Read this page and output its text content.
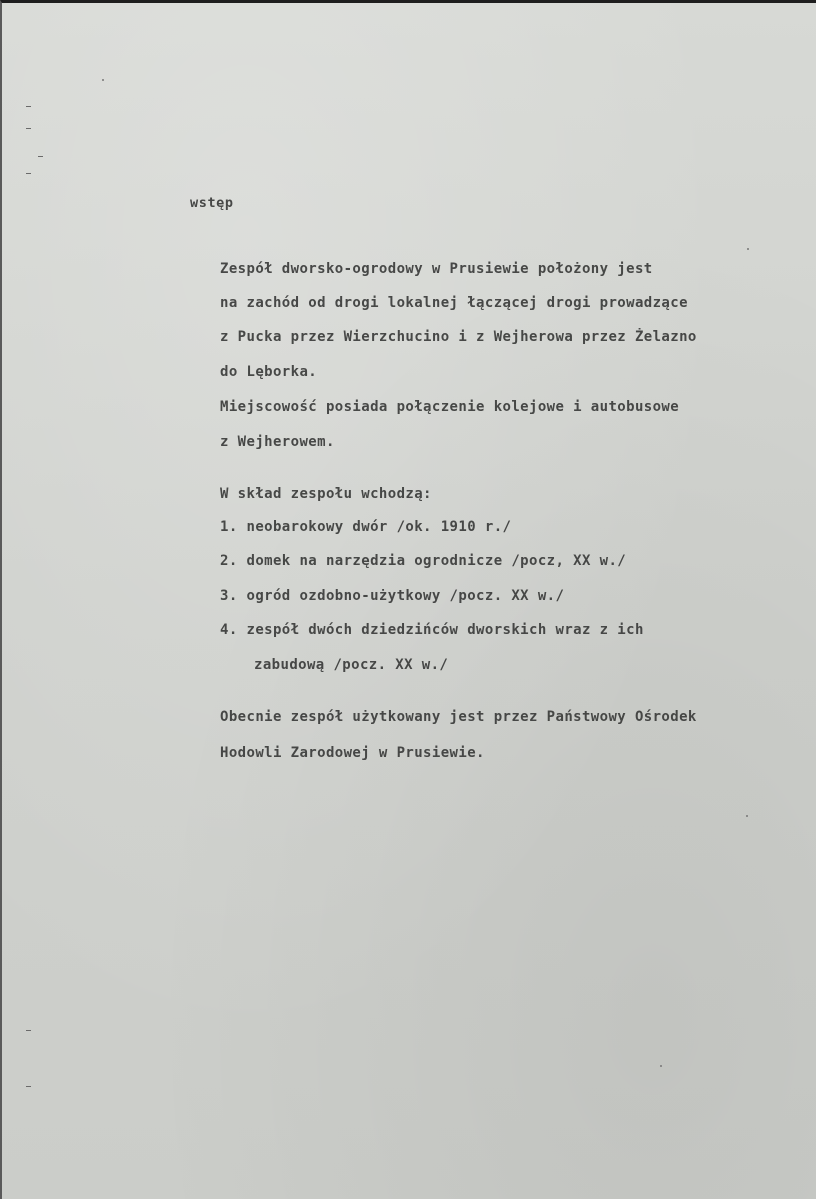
wstęp
Zespół dworsko-ogrodowy w Prusiewie położony jest
na zachód od drogi lokalnej łączącej drogi prowadzące
z Pucka przez Wierzchucino i z Wejherowa przez Żelazno
do Lęborka.
Miejscowość posiada połączenie kolejowe i autobusowe
z Wejherowem.
W skład zespołu wchodzą:
1. neobarokowy dwór /ok. 1910 r./
2. domek na narzędzia ogrodnicze /pocz, XX w./
3. ogród ozdobno-użytkowy /pocz. XX w./
4. zespół dwóch dziedzińców dworskich wraz z ich
zabudową /pocz. XX w./
Obecnie zespół użytkowany jest przez Państwowy Ośrodek
Hodowli Zarodowej w Prusiewie.
